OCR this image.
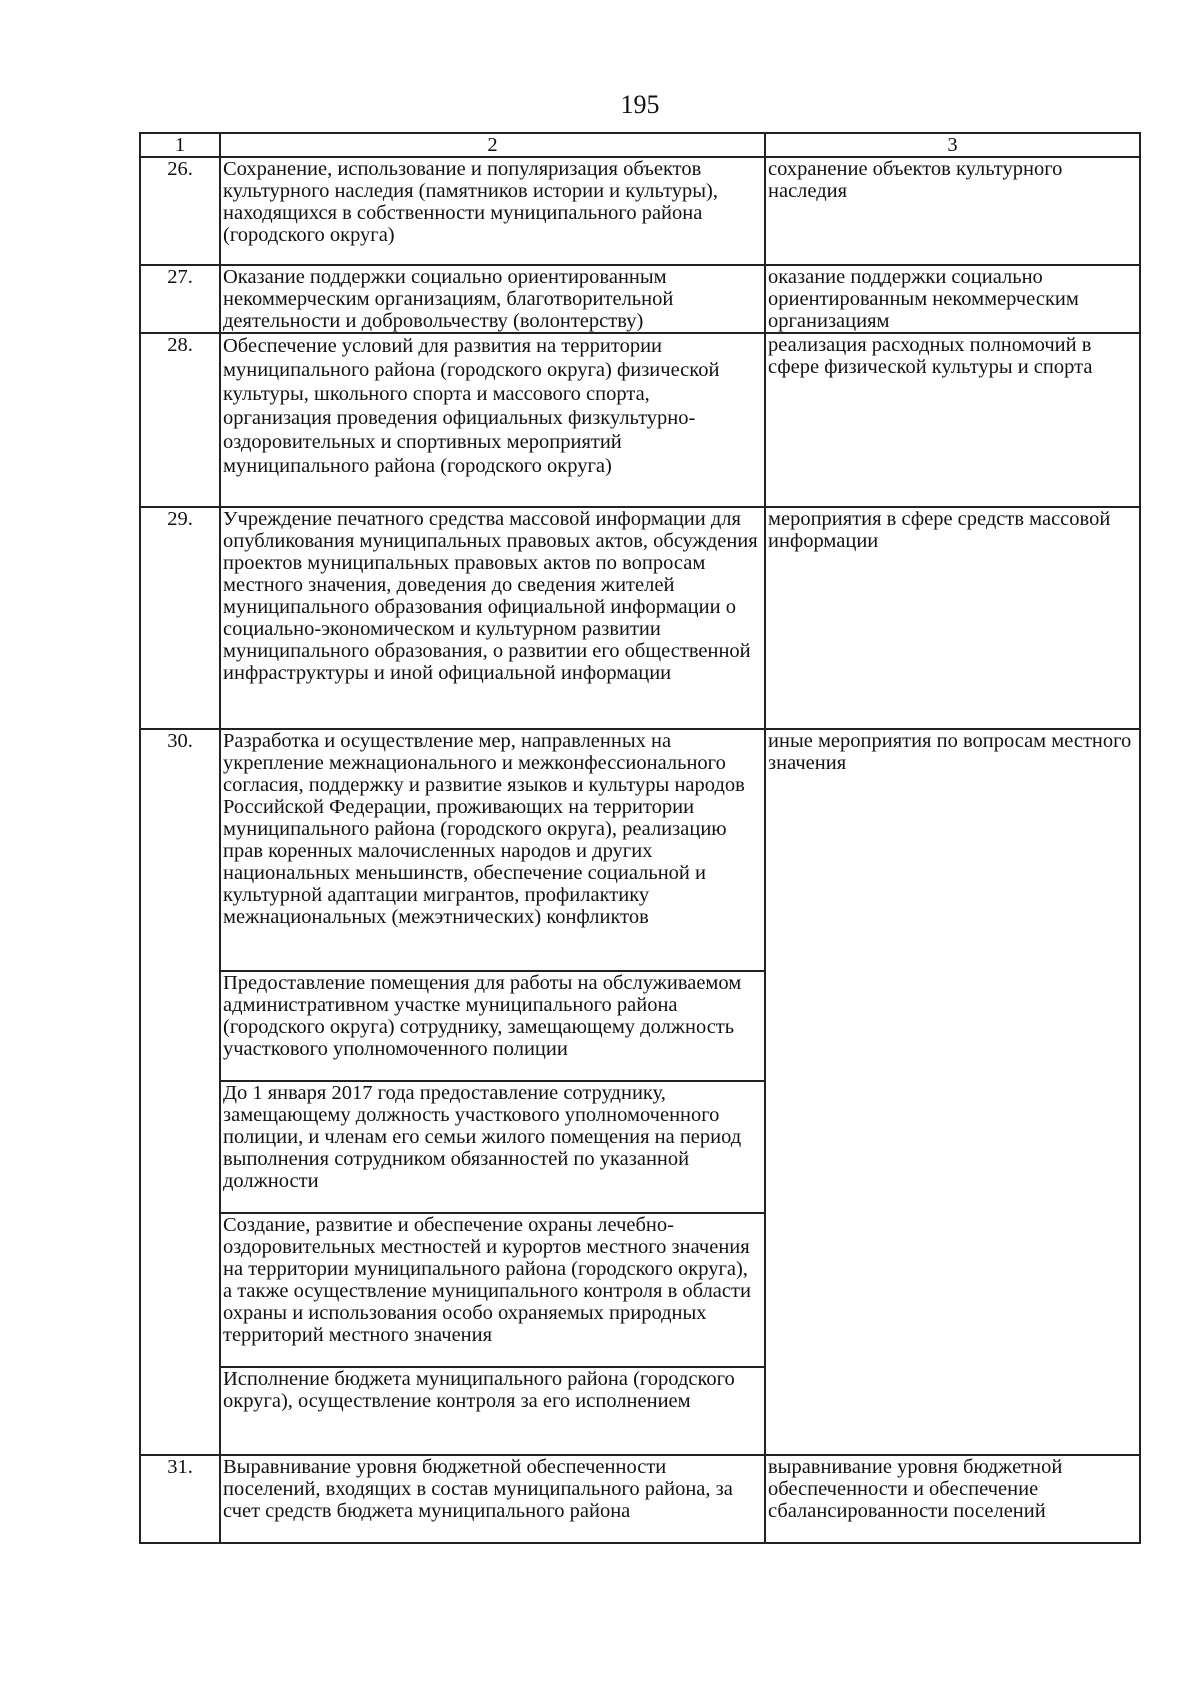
195
1	2	3
26.	Сохранение, использование и популяризация объектов культурного наследия (памятников истории и культуры), находящихся в собственности муниципального района (городского округа)	сохранение объектов культурного наследия
27.	Оказание поддержки социально ориентированным некоммерческим организациям, благотворительной деятельности и добровольчеству (волонтерству)	оказание поддержки социально ориентированным некоммерческим организациям
28.	Обеспечение условий для развития на территории муниципального района (городского округа) физической культуры, школьного спорта и массового спорта, организация проведения официальных физкультурно-оздоровительных и спортивных мероприятий муниципального района (городского округа)	реализация расходных полномочий в сфере физической культуры и спорта
29.	Учреждение печатного средства массовой информации для опубликования муниципальных правовых актов, обсуждения проектов муниципальных правовых актов по вопросам местного значения, доведения до сведения жителей муниципального образования официальной информации о социально-экономическом и культурном развитии муниципального образования, о развитии его общественной инфраструктуры и иной официальной информации	мероприятия в сфере средств массовой информации
30.	Разработка и осуществление мер, направленных на укрепление межнационального и межконфессионального согласия, поддержку и развитие языков и культуры народов Российской Федерации, проживающих на территории муниципального района (городского округа), реализацию прав коренных малочисленных народов и других национальных меньшинств, обеспечение социальной и культурной адаптации мигрантов, профилактику межнациональных (межэтнических) конфликтов	иные мероприятия по вопросам местного значения
	Предоставление помещения для работы на обслуживаемом административном участке муниципального района (городского округа) сотруднику, замещающему должность участкового уполномоченного полиции	
	До 1 января 2017 года предоставление сотруднику, замещающему должность участкового уполномоченного полиции, и членам его семьи жилого помещения на период выполнения сотрудником обязанностей по указанной должности	
	Создание, развитие и обеспечение охраны лечебно-оздоровительных местностей и курортов местного значения на территории муниципального района (городского округа), а также осуществление муниципального контроля в области охраны и использования особо охраняемых природных территорий местного значения	
	Исполнение бюджета муниципального района (городского округа), осуществление контроля за его исполнением	
31.	Выравнивание уровня бюджетной обеспеченности поселений, входящих в состав муниципального района, за счет средств бюджета муниципального района	выравнивание уровня бюджетной обеспеченности и обеспечение сбалансированности поселений
